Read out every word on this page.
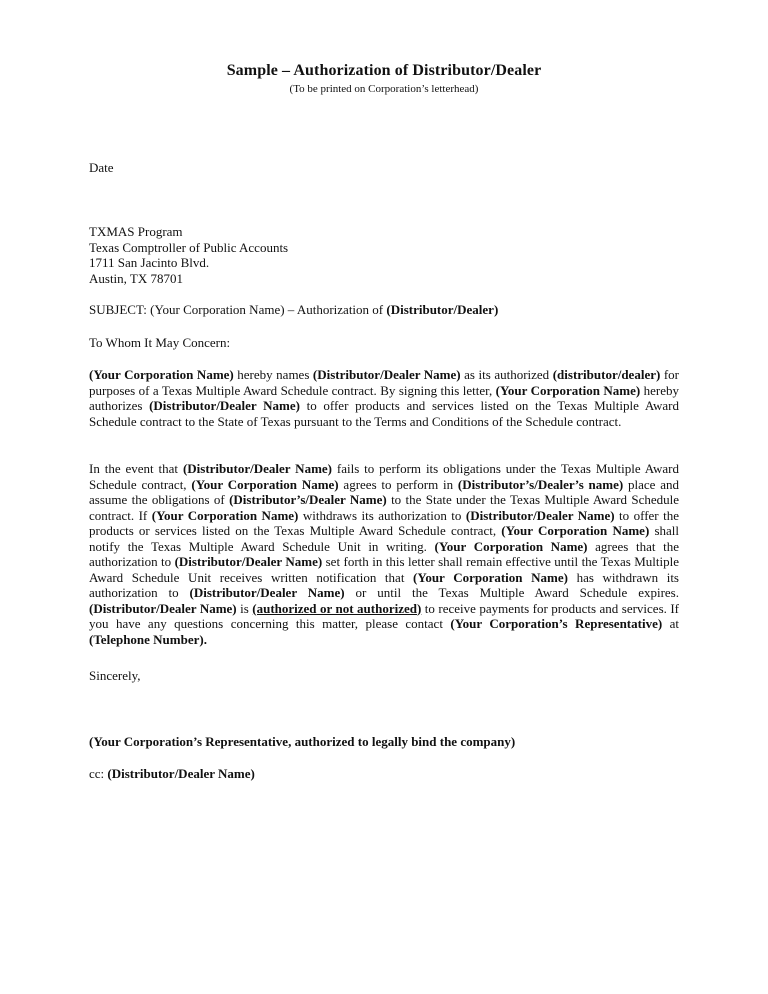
Sample – Authorization of Distributor/Dealer
(To be printed on Corporation’s letterhead)
Date
TXMAS Program
Texas Comptroller of Public Accounts
1711 San Jacinto Blvd.
Austin, TX 78701
SUBJECT: (Your Corporation Name) – Authorization of (Distributor/Dealer)
To Whom It May Concern:
(Your Corporation Name) hereby names (Distributor/Dealer Name) as its authorized (distributor/dealer) for purposes of a Texas Multiple Award Schedule contract. By signing this letter, (Your Corporation Name) hereby authorizes (Distributor/Dealer Name) to offer products and services listed on the Texas Multiple Award Schedule contract to the State of Texas pursuant to the Terms and Conditions of the Schedule contract.
In the event that (Distributor/Dealer Name) fails to perform its obligations under the Texas Multiple Award Schedule contract, (Your Corporation Name) agrees to perform in (Distributor’s/Dealer’s name) place and assume the obligations of (Distributor’s/Dealer Name) to the State under the Texas Multiple Award Schedule contract. If (Your Corporation Name) withdraws its authorization to (Distributor/Dealer Name) to offer the products or services listed on the Texas Multiple Award Schedule contract, (Your Corporation Name) shall notify the Texas Multiple Award Schedule Unit in writing. (Your Corporation Name) agrees that the authorization to (Distributor/Dealer Name) set forth in this letter shall remain effective until the Texas Multiple Award Schedule Unit receives written notification that (Your Corporation Name) has withdrawn its authorization to (Distributor/Dealer Name) or until the Texas Multiple Award Schedule expires. (Distributor/Dealer Name) is (authorized or not authorized) to receive payments for products and services. If you have any questions concerning this matter, please contact (Your Corporation’s Representative) at (Telephone Number).
Sincerely,
(Your Corporation’s Representative, authorized to legally bind the company)
cc: (Distributor/Dealer Name)
